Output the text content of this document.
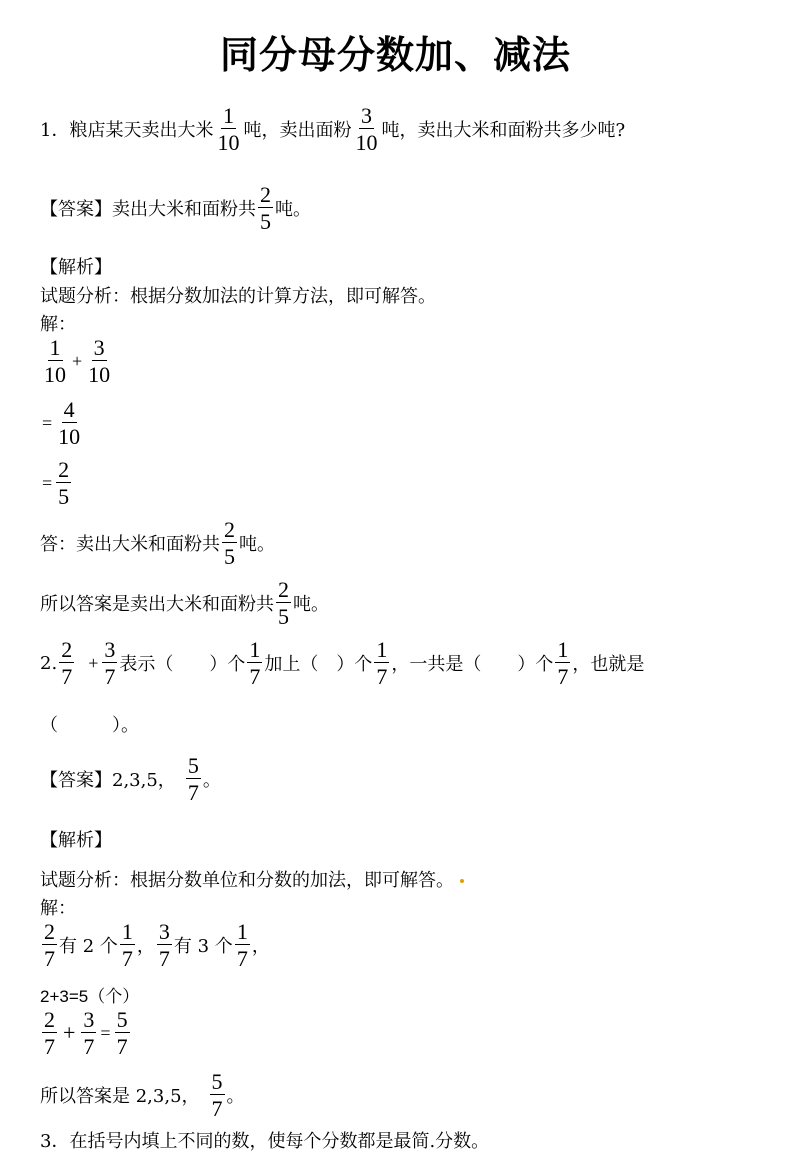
同分母分数加、减法
1．粮店某天卖出大米 $\frac{1}{10}$ 吨，卖出面粉 $\frac{3}{10}$ 吨，卖出大米和面粉共多少吨?
【答案】卖出大米和面粉共 $\frac{2}{5}$ 吨。
【解析】
试题分析：根据分数加法的计算方法，即可解答。
解：
$\frac{1}{10} + \frac{3}{10}$
= $\frac{4}{10}$
= $\frac{2}{5}$
答：卖出大米和面粉共 $\frac{2}{5}$ 吨。
所以答案是卖出大米和面粉共 $\frac{2}{5}$ 吨。
2. $\frac{2}{7} + \frac{3}{7}$ 表示（　　）个 $\frac{1}{7}$ 加上（　）个 $\frac{1}{7}$ ，一共是（　　）个 $\frac{1}{7}$ ，也就是
（　　　）。
【答案】2,3,5， $\frac{5}{7}$ 。
【解析】
试题分析：根据分数单位和分数的加法，即可解答。
解：
$\frac{2}{7}$ 有 2 个 $\frac{1}{7}$ ， $\frac{3}{7}$ 有 3 个 $\frac{1}{7}$ ，
2+3=5（个）
$\frac{2}{7} + \frac{3}{7} = \frac{5}{7}$
所以答案是 2,3,5， $\frac{5}{7}$ 。
3．在括号内填上不同的数，使每个分数都是最简.分数。
